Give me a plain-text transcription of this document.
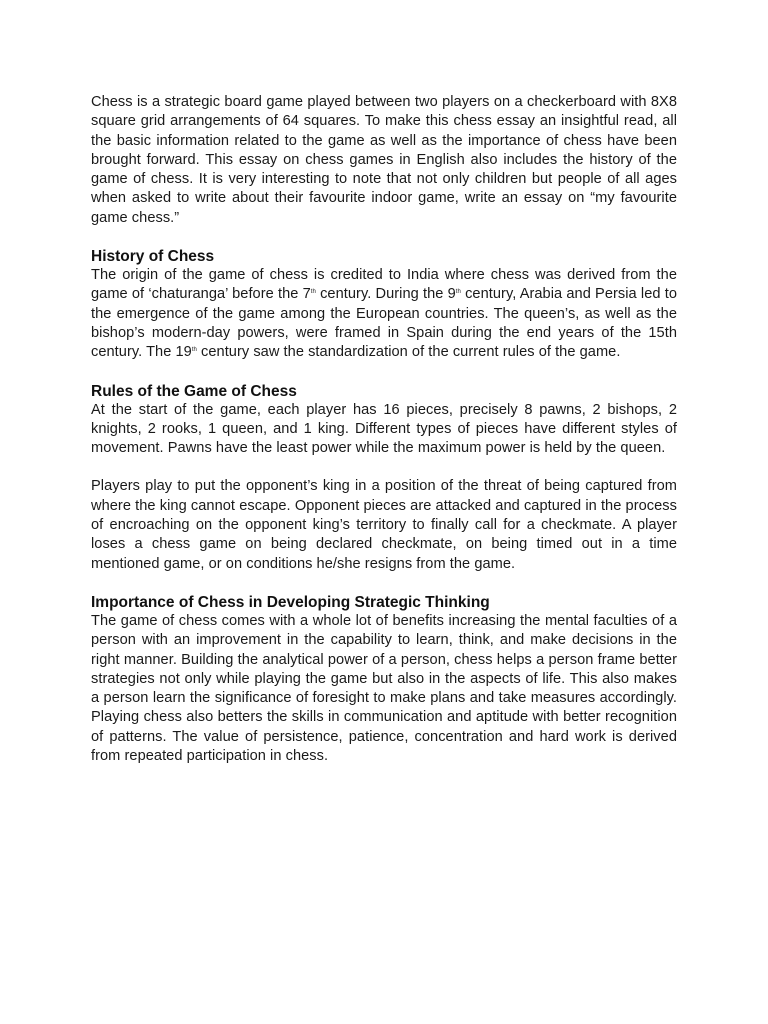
Chess is a strategic board game played between two players on a checkerboard with 8X8 square grid arrangements of 64 squares. To make this chess essay an insightful read, all the basic information related to the game as well as the importance of chess have been brought forward. This essay on chess games in English also includes the history of the game of chess. It is very interesting to note that not only children but people of all ages when asked to write about their favourite indoor game, write an essay on “my favourite game chess.”

History of Chess

The origin of the game of chess is credited to India where chess was derived from the game of ‘chaturanga’ before the 7th century. During the 9th century, Arabia and Persia led to the emergence of the game among the European countries. The queen’s, as well as the bishop’s modern-day powers, were framed in Spain during the end years of the 15th century. The 19th century saw the standardization of the current rules of the game.

Rules of the Game of Chess

At the start of the game, each player has 16 pieces, precisely 8 pawns, 2 bishops, 2 knights, 2 rooks, 1 queen, and 1 king. Different types of pieces have different styles of movement. Pawns have the least power while the maximum power is held by the queen.

Players play to put the opponent’s king in a position of the threat of being captured from where the king cannot escape. Opponent pieces are attacked and captured in the process of encroaching on the opponent king’s territory to finally call for a checkmate. A player loses a chess game on being declared checkmate, on being timed out in a time mentioned game, or on conditions he/she resigns from the game.

Importance of Chess in Developing Strategic Thinking

The game of chess comes with a whole lot of benefits increasing the mental faculties of a person with an improvement in the capability to learn, think, and make decisions in the right manner. Building the analytical power of a person, chess helps a person frame better strategies not only while playing the game but also in the aspects of life. This also makes a person learn the significance of foresight to make plans and take measures accordingly. Playing chess also betters the skills in communication and aptitude with better recognition of patterns. The value of persistence, patience, concentration and hard work is derived from repeated participation in chess.
